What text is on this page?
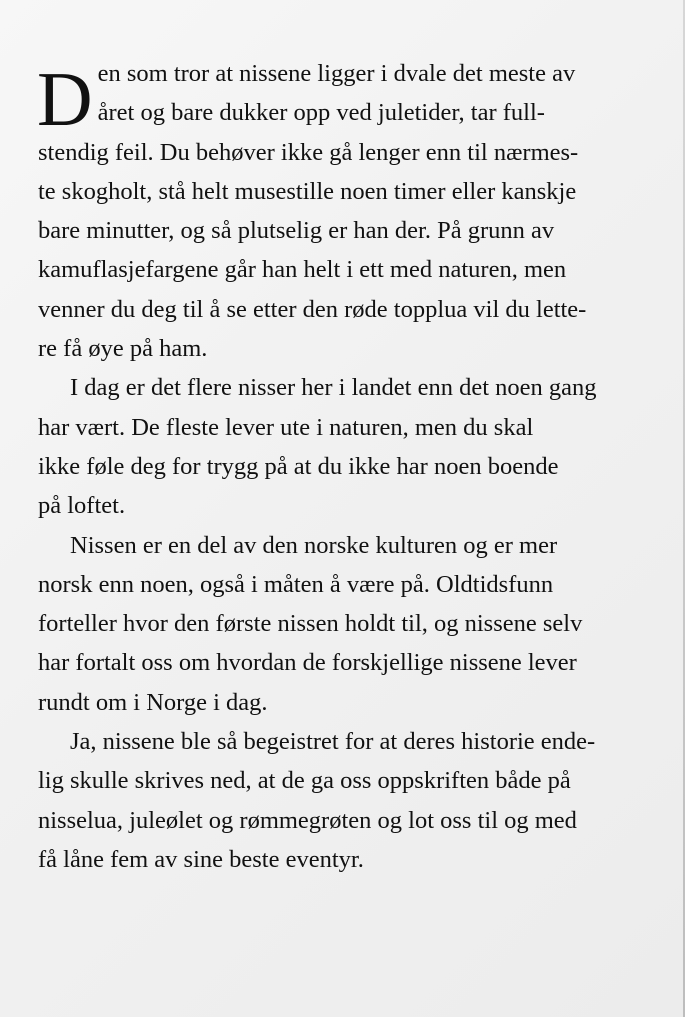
D en som tror at nissene ligger i dvale det meste av
året og bare dukker opp ved juletider, tar full-
stendig feil. Du behøver ikke gå lenger enn til nærmes-
te skogholt, stå helt musestille noen timer eller kanskje
bare minutter, og så plutselig er han der. På grunn av
kamuflasjefargene går han helt i ett med naturen, men
venner du deg til å se etter den røde topplua vil du lette-
re få øye på ham.
I dag er det flere nisser her i landet enn det noen gang
har vært. De fleste lever ute i naturen, men du skal
ikke føle deg for trygg på at du ikke har noen boende
på loftet.
Nissen er en del av den norske kulturen og er mer
norsk enn noen, også i måten å være på. Oldtidsfunn
forteller hvor den første nissen holdt til, og nissene selv
har fortalt oss om hvordan de forskjellige nissene lever
rundt om i Norge i dag.
Ja, nissene ble så begeistret for at deres historie ende-
lig skulle skrives ned, at de ga oss oppskriften både på
nisselua, juleølet og rømmegrøten og lot oss til og med
få låne fem av sine beste eventyr.
